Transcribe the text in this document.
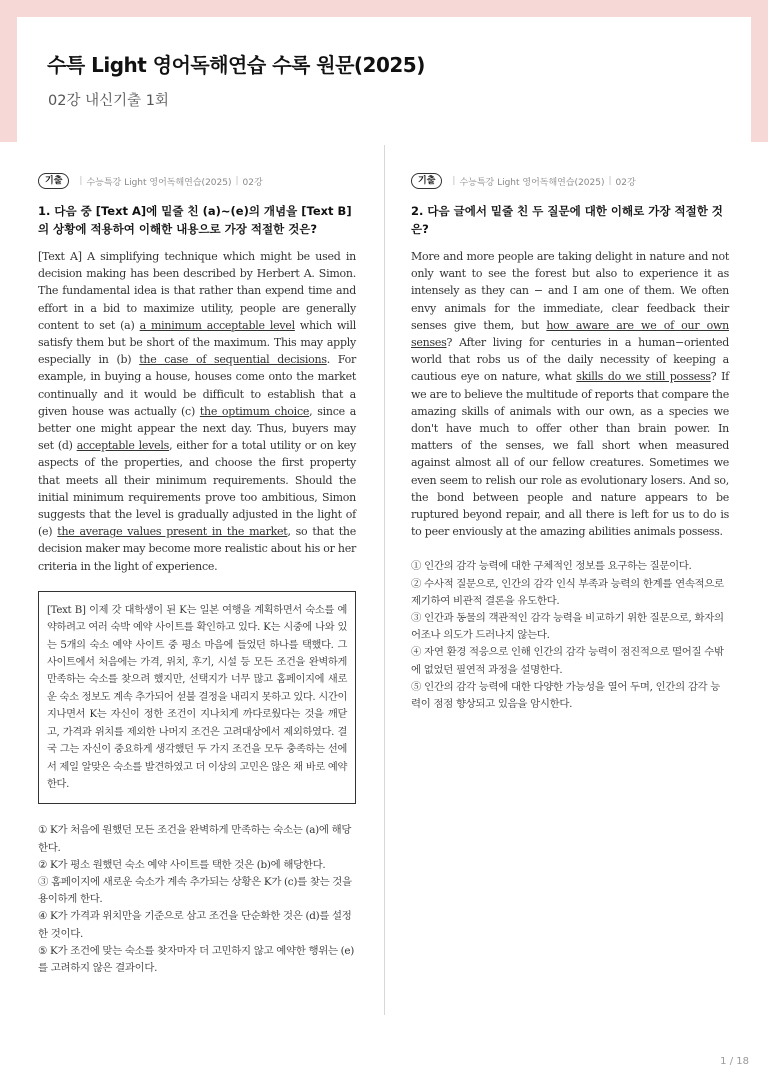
수특 Light 영어독해연습 수록 원문(2025)

02강 내신기출 1회

기출	| 수능특강 Light 영어독해연습(2025) | 02강
1. 다음 중 [Text A]에 밑줄 친 (a)~(e)의 개념을 [Text B]의 상황에 적용하여 이해한 내용으로 가장 적절한 것은?

[Text A] A simplifying technique which might be used in decision making has been described by Herbert A. Simon. The fundamental idea is that rather than expend time and effort in a bid to maximize utility, people are generally content to set (a) a minimum acceptable level which will satisfy them but be short of the maximum. This may apply especially in (b) the case of sequential decisions. For example, in buying a house, houses come onto the market continually and it would be difficult to establish that a given house was actually (c) the optimum choice, since a better one might appear the next day. Thus, buyers may set (d) acceptable levels, either for a total utility or on key aspects of the properties, and choose the first property that meets all their minimum requirements. Should the initial minimum requirements prove too ambitious, Simon suggests that the level is gradually adjusted in the light of (e) the average values present in the market, so that the decision maker may become more realistic about his or her criteria in the light of experience.

[Text B] 이제 갓 대학생이 된 K는 일본 여행을 계획하면서 숙소를 예약하려고 여러 숙박 예약 사이트를 확인하고 있다. K는 시중에 나와 있는 5개의 숙소 예약 사이트 중 평소 마음에 들었던 하나를 택했다. 그 사이트에서 처음에는 가격, 위치, 후기, 시설 등 모든 조건을 완벽하게 만족하는 숙소를 찾으려 했지만, 선택지가 너무 많고 홈페이지에 새로운 숙소 정보도 계속 추가되어 섣불 결정을 내리지 못하고 있다. 시간이 지나면서 K는 자신이 정한 조건이 지나치게 까다로웠다는 것을 깨닫고, 가격과 위치를 제외한 나머지 조건은 고려대상에서 제외하였다. 결국 그는 자신이 중요하게 생각했던 두 가지 조건을 모두 충족하는 선에서 제일 알맞은 숙소를 발견하였고 더 이상의 고민은 않은 채 바로 예약한다.
① K가 처음에 원했던 모든 조건을 완벽하게 만족하는 숙소는 (a)에 해당한다.
② K가 평소 원했던 숙소 예약 사이트를 택한 것은 (b)에 해당한다.
③ 홈페이지에 새로운 숙소가 계속 추가되는 상황은 K가 (c)를 찾는 것을 용이하게 한다.
④ K가 가격과 위치만을 기준으로 삼고 조건을 단순화한 것은 (d)를 설정한 것이다.
⑤ K가 조건에 맞는 숙소를 찾자마자 더 고민하지 않고 예약한 행위는 (e)를 고려하지 않은 결과이다.
기출	| 수능특강 Light 영어독해연습(2025) | 02강
2. 다음 글에서 밑줄 친 두 질문에 대한 이해로 가장 적절한 것은?

More and more people are taking delight in nature and not only want to see the forest but also to experience it as intensely as they can − and I am one of them. We often envy animals for the immediate, clear feedback their senses give them, but how aware are we of our own senses? After living for centuries in a human−oriented world that robs us of the daily necessity of keeping a cautious eye on nature, what skills do we still possess? If we are to believe the multitude of reports that compare the amazing skills of animals with our own, as a species we don't have much to offer other than brain power. In matters of the senses, we fall short when measured against almost all of our fellow creatures. Sometimes we even seem to relish our role as evolutionary losers. And so, the bond between people and nature appears to be ruptured beyond repair, and all there is left for us to do is to peer enviously at the amazing abilities animals possess.

① 인간의 감각 능력에 대한 구체적인 정보를 요구하는 질문이다.
② 수사적 질문으로, 인간의 감각 인식 부족과 능력의 한계를 연속적으로 제기하여 비관적 결론을 유도한다.
③ 인간과 동물의 객관적인 감각 능력을 비교하기 위한 질문으로, 화자의 어조나 의도가 드러나지 않는다.
④ 자연 환경 적응으로 인해 인간의 감각 능력이 점진적으로 떨어질 수밖에 없었던 필연적 과정을 설명한다.
⑤ 인간의 감각 능력에 대한 다양한 가능성을 열어 두며, 인간의 감각 능력이 점점 향상되고 있음을 암시한다.
1 / 18
